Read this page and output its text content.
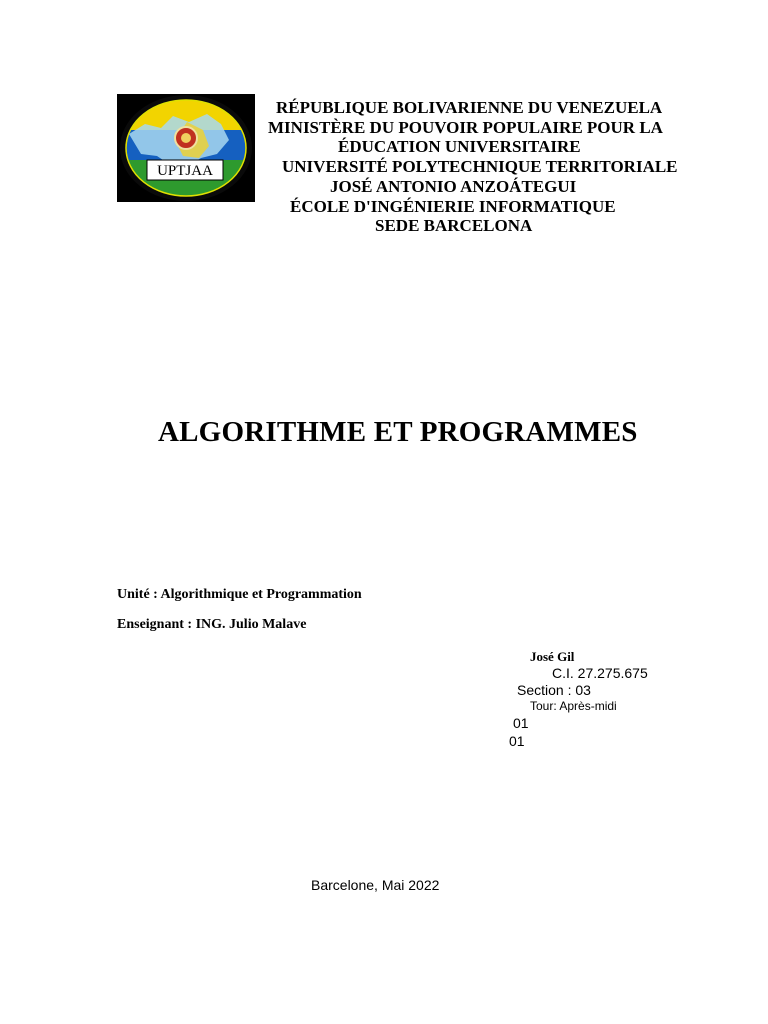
UPTJAA
RÉPUBLIQUE BOLIVARIENNE DU VENEZUELA
MINISTÈRE DU POUVOIR POPULAIRE POUR LA
ÉDUCATION UNIVERSITAIRE
UNIVERSITÉ POLYTECHNIQUE TERRITORIALE
JOSÉ ANTONIO ANZOÁTEGUI
ÉCOLE D'INGÉNIERIE INFORMATIQUE
SEDE BARCELONA
ALGORITHME ET PROGRAMMES
Unité : Algorithmique et Programmation
Enseignant : ING. Julio Malave
José Gil
C.I. 27.275.675
Section : 03
Tour: Après-midi
01
01
Barcelone, Mai 2022
